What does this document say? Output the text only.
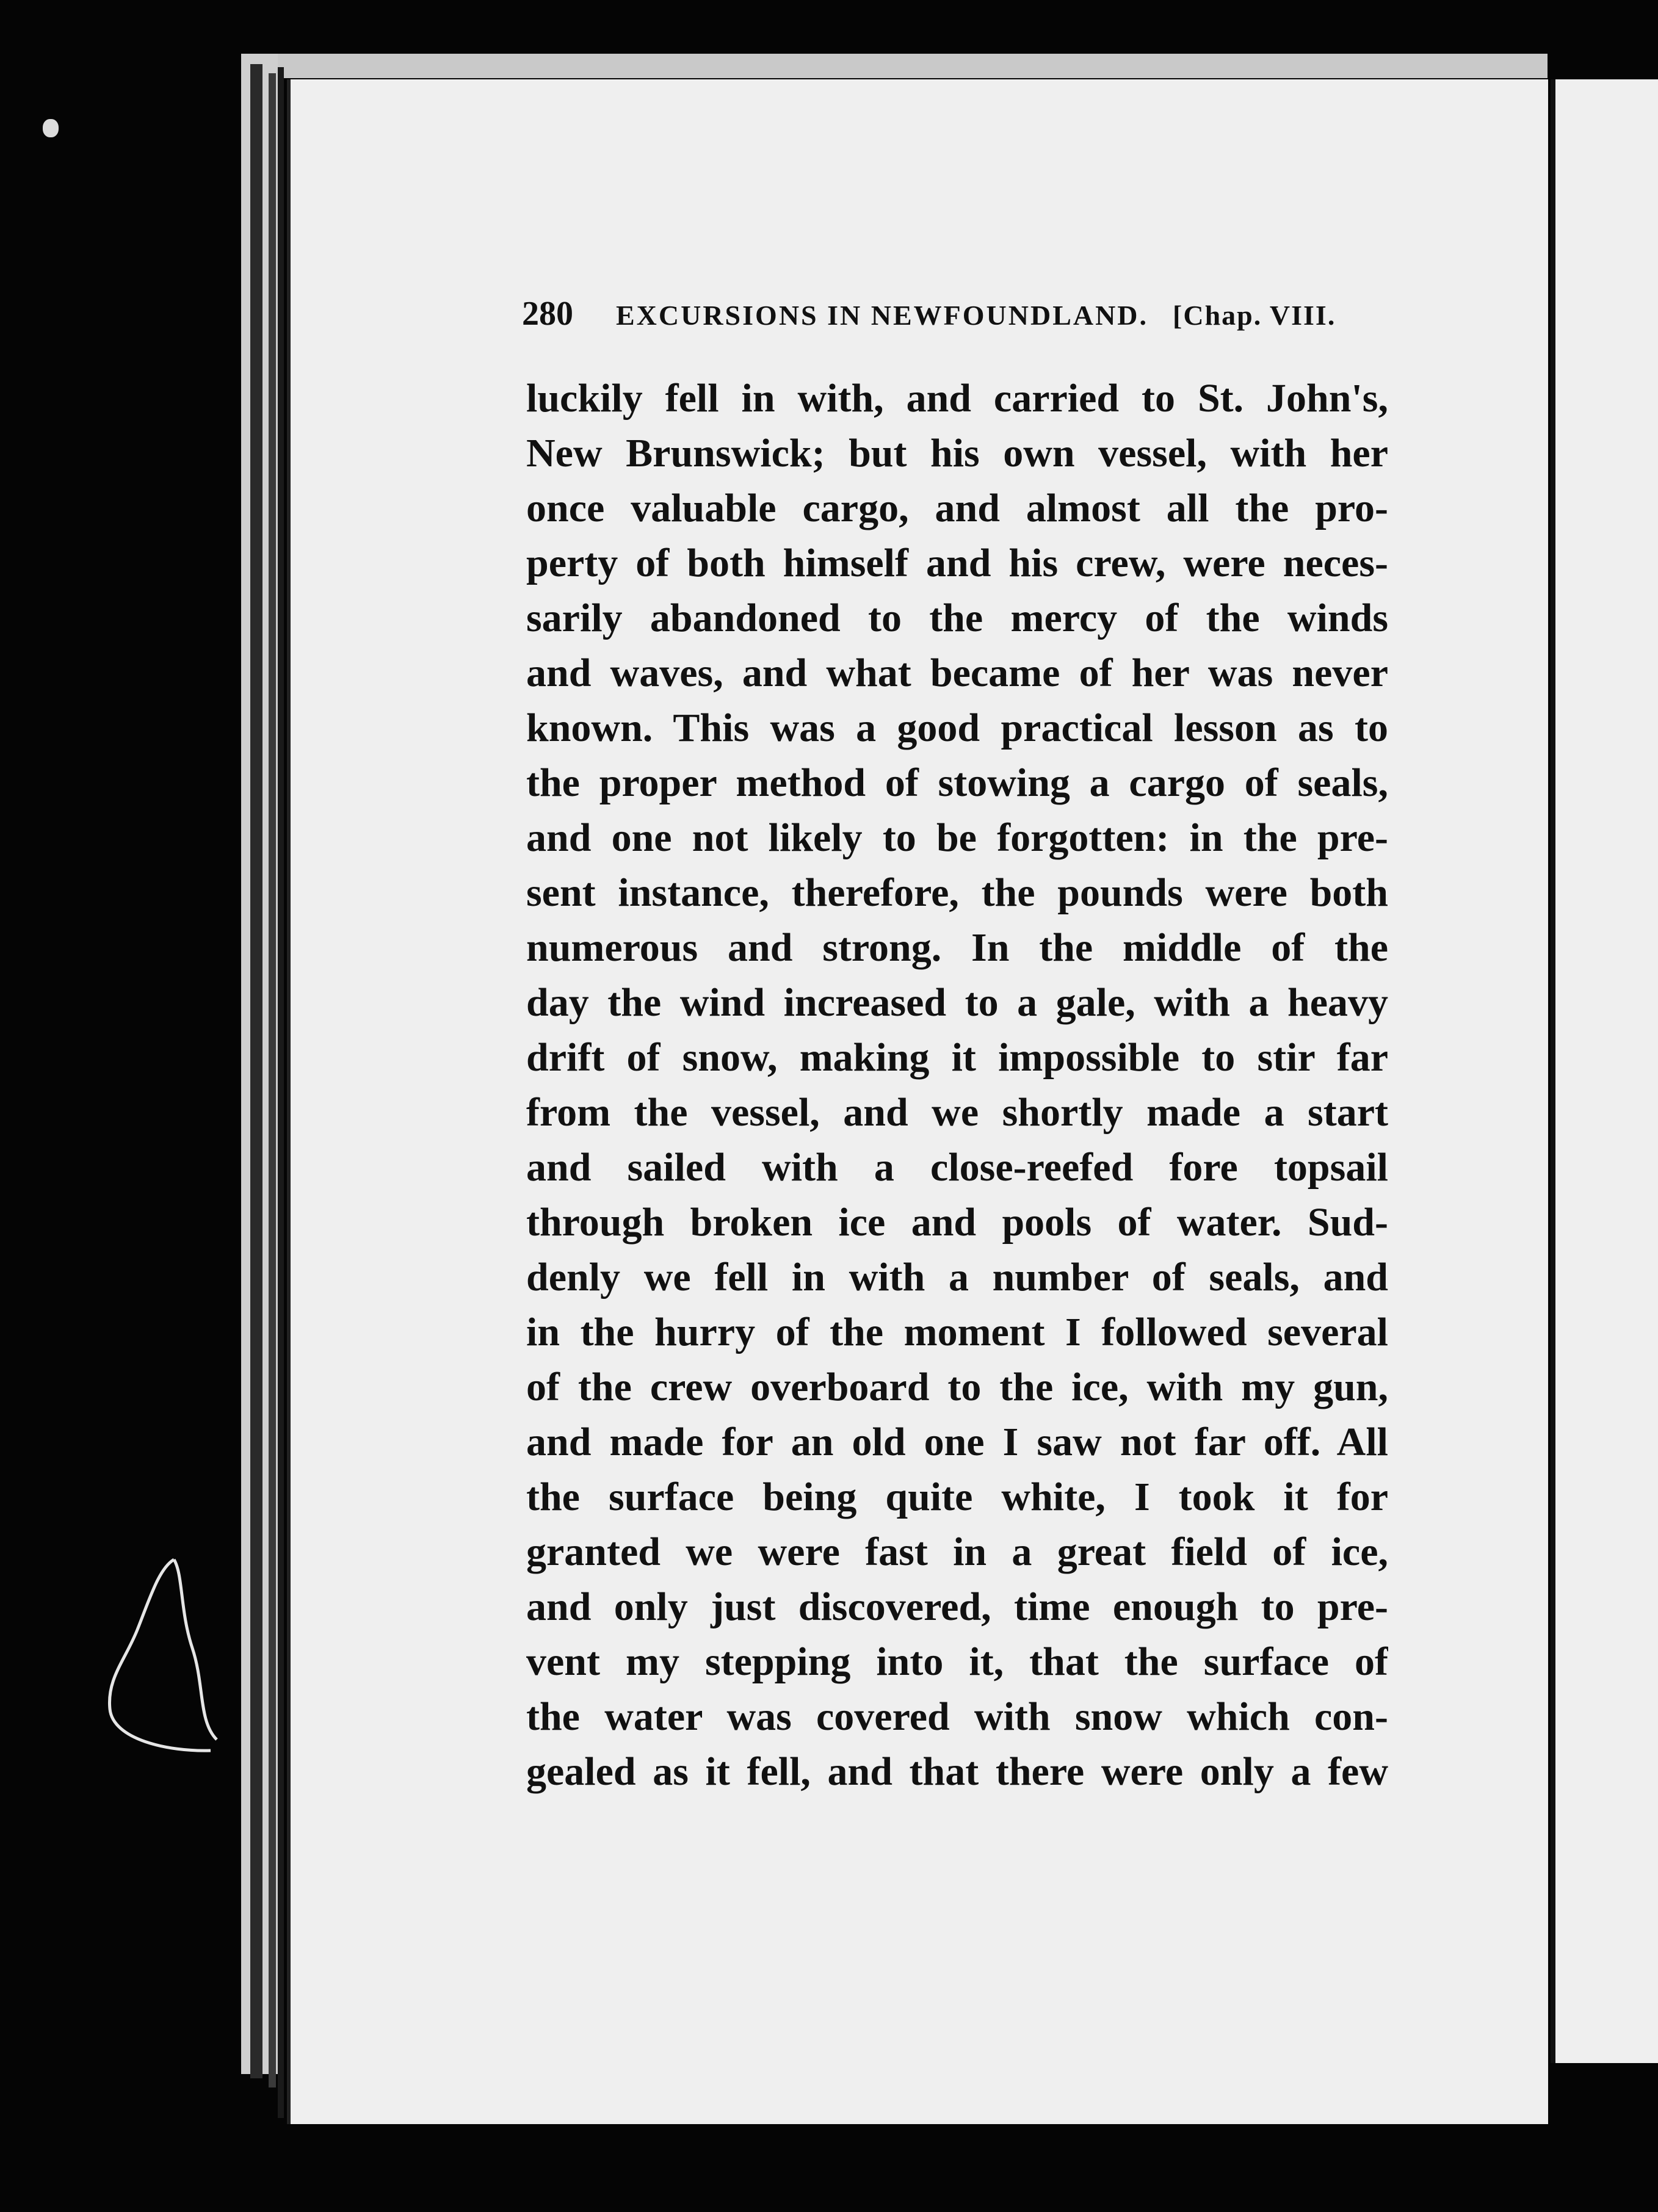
280 EXCURSIONS IN NEWFOUNDLAND. [Chap. VIII.
luckily fell in with, and carried to St. John's,
New Brunswick; but his own vessel, with her
once valuable cargo, and almost all the pro-
perty of both himself and his crew, were neces-
sarily abandoned to the mercy of the winds
and waves, and what became of her was never
known. This was a good practical lesson as to
the proper method of stowing a cargo of seals,
and one not likely to be forgotten: in the pre-
sent instance, therefore, the pounds were both
numerous and strong. In the middle of the
day the wind increased to a gale, with a heavy
drift of snow, making it impossible to stir far
from the vessel, and we shortly made a start
and sailed with a close-reefed fore topsail
through broken ice and pools of water. Sud-
denly we fell in with a number of seals, and
in the hurry of the moment I followed several
of the crew overboard to the ice, with my gun,
and made for an old one I saw not far off. All
the surface being quite white, I took it for
granted we were fast in a great field of ice,
and only just discovered, time enough to pre-
vent my stepping into it, that the surface of
the water was covered with snow which con-
gealed as it fell, and that there were only a few
